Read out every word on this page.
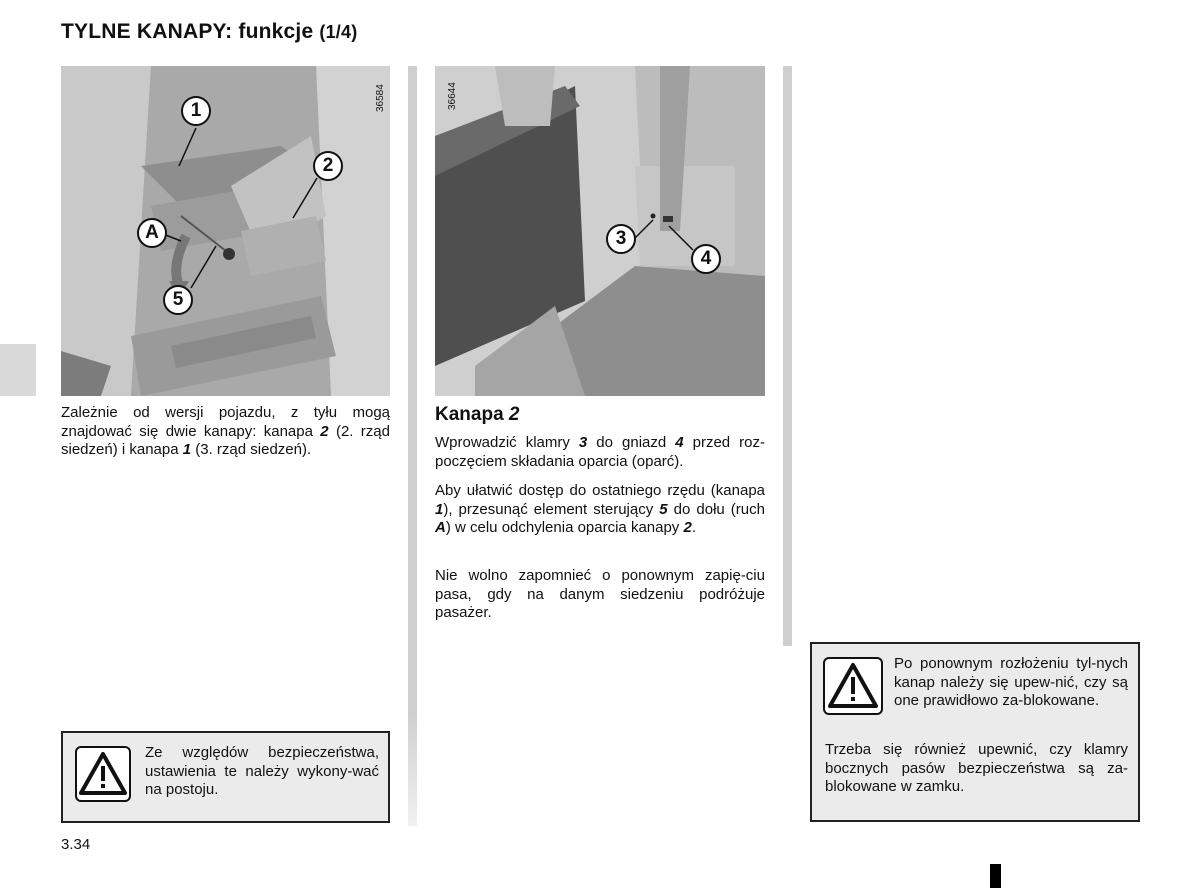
TYLNE KANAPY: funkcje (1/4)
36584
1
2
A
5
36644
3
4
Zależnie od wersji pojazdu, z tyłu mogą znajdować się dwie kanapy: kanapa 2 (2. rząd siedzeń) i kanapa 1 (3. rząd siedzeń).
Ze względów bezpieczeństwa, ustawienia te należy wykony-wać na postoju.
Kanapa 2
Wprowadzić klamry 3 do gniazd 4 przed roz-poczęciem składania oparcia (oparć).
Aby ułatwić dostęp do ostatniego rzędu (kanapa 1), przesunąć element sterujący 5 do dołu (ruch A) w celu odchylenia oparcia kanapy 2.
Nie wolno zapomnieć o ponownym zapię-ciu pasa, gdy na danym siedzeniu podróżuje pasażer.
Po ponownym rozłożeniu tyl-nych kanap należy się upew-nić, czy są one prawidłowo za-blokowane.
Trzeba się również upewnić, czy klamry bocznych pasów bezpieczeństwa są za-blokowane w zamku.
3.34
